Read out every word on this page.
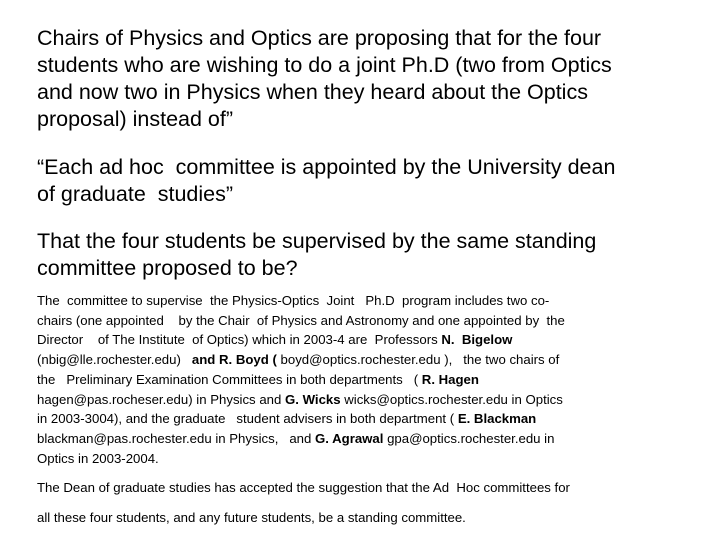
Chairs of Physics and Optics are proposing that for the four
students who are wishing to do a joint Ph.D (two from Optics
and now two in Physics when they heard about the Optics
proposal) instead of”

“Each ad hoc  committee is appointed by the University dean
of graduate  studies”

That the four students be supervised by the same standing
committee proposed to be?

The  committee to supervise  the Physics-Optics  Joint   Ph.D  program includes two co-
chairs (one appointed    by the Chair  of Physics and Astronomy and one appointed by  the
Director    of The Institute  of Optics) which in 2003-4 are  Professors N.  Bigelow
(nbig@lle.rochester.edu)   and R. Boyd ( boyd@optics.rochester.edu ),   the two chairs of
the   Preliminary Examination Committees in both departments   ( R. Hagen
hagen@pas.rocheser.edu) in Physics and G. Wicks wicks@optics.rochester.edu in Optics
in 2003-3004), and the graduate   student advisers in both department ( E. Blackman
blackman@pas.rochester.edu in Physics,   and G. Agrawal gpa@optics.rochester.edu in
Optics in 2003-2004.

The Dean of graduate studies has accepted the suggestion that the Ad  Hoc committees for
all these four students, and any future students, be a standing committee.
